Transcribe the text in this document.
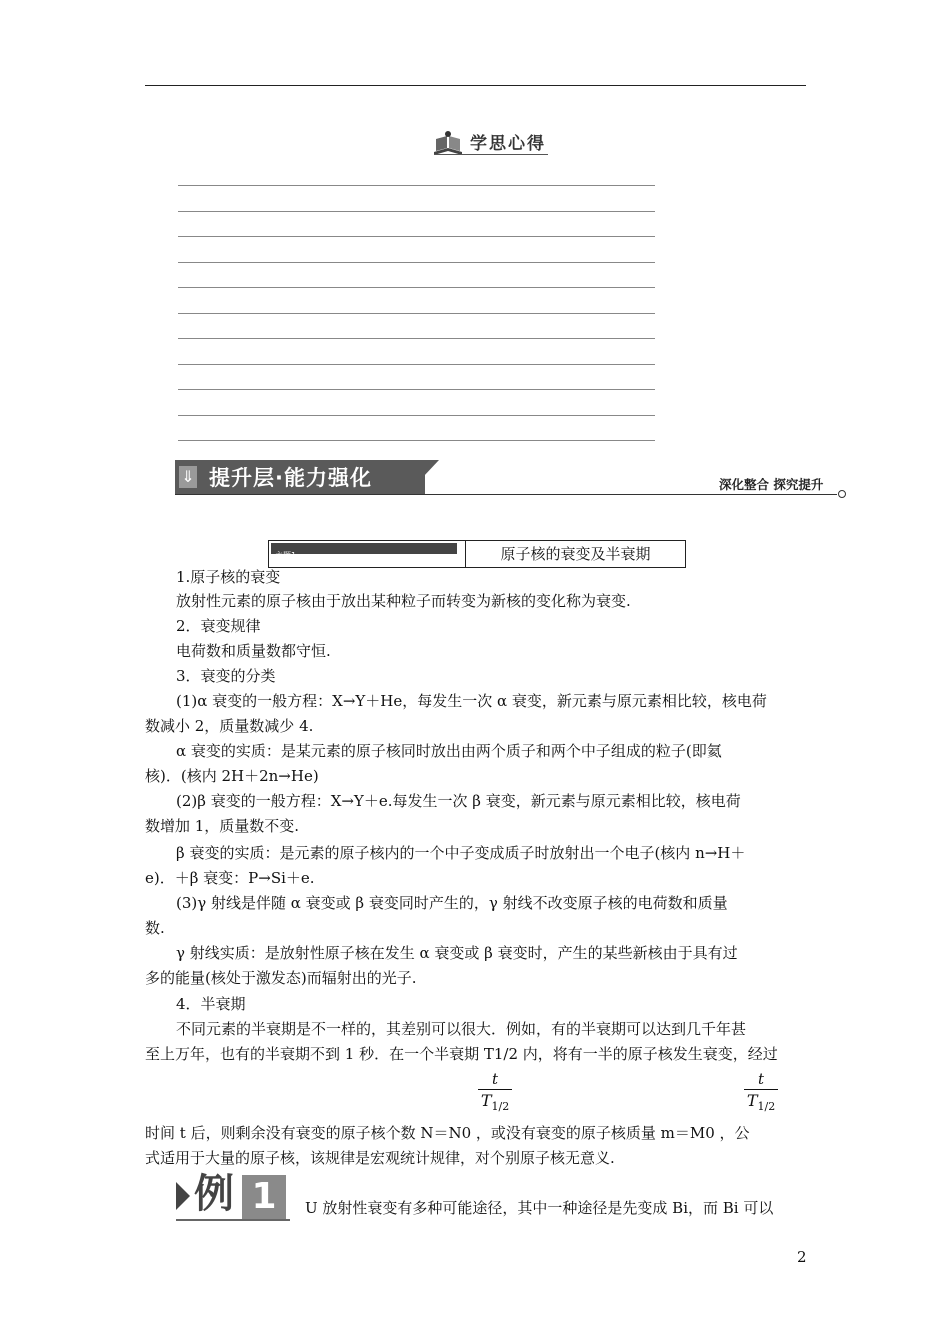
学思心得
⇓ 提升层·能力强化	深化整合 探究提升
主题1	原子核的衰变及半衰期
1.原子核的衰变
放射性元素的原子核由于放出某种粒子而转变为新核的变化称为衰变.
2．衰变规律
电荷数和质量数都守恒.
3．衰变的分类
(1)α 衰变的一般方程：X→Y＋He，每发生一次 α 衰变，新元素与原元素相比较，核电荷
数减小 2，质量数减少 4.
α 衰变的实质：是某元素的原子核同时放出由两个质子和两个中子组成的粒子(即氦
核)．(核内 2H＋2n→He)
(2)β 衰变的一般方程：X→Y＋e.每发生一次 β 衰变，新元素与原元素相比较，核电荷
数增加 1，质量数不变.
β 衰变的实质：是元素的原子核内的一个中子变成质子时放射出一个电子(核内 n→H＋
e)．＋β 衰变：P→Si＋e.
(3)γ 射线是伴随 α 衰变或 β 衰变同时产生的，γ 射线不改变原子核的电荷数和质量
数.
γ 射线实质：是放射性原子核在发生 α 衰变或 β 衰变时，产生的某些新核由于具有过
多的能量(核处于激发态)而辐射出的光子.
4．半衰期
不同元素的半衰期是不一样的，其差别可以很大．例如，有的半衰期可以达到几千年甚
至上万年，也有的半衰期不到 1 秒．在一个半衰期 T1/2 内，将有一半的原子核发生衰变，经过
t
$T_{1/2}$
t
$T_{1/2}$
时间 t 后，则剩余没有衰变的原子核个数 N＝N0 ，或没有衰变的原子核质量 m＝M0 ，公
式适用于大量的原子核，该规律是宏观统计规律，对个别原子核无意义.
例 1	U 放射性衰变有多种可能途径，其中一种途径是先变成 Bi，而 Bi 可以
2
